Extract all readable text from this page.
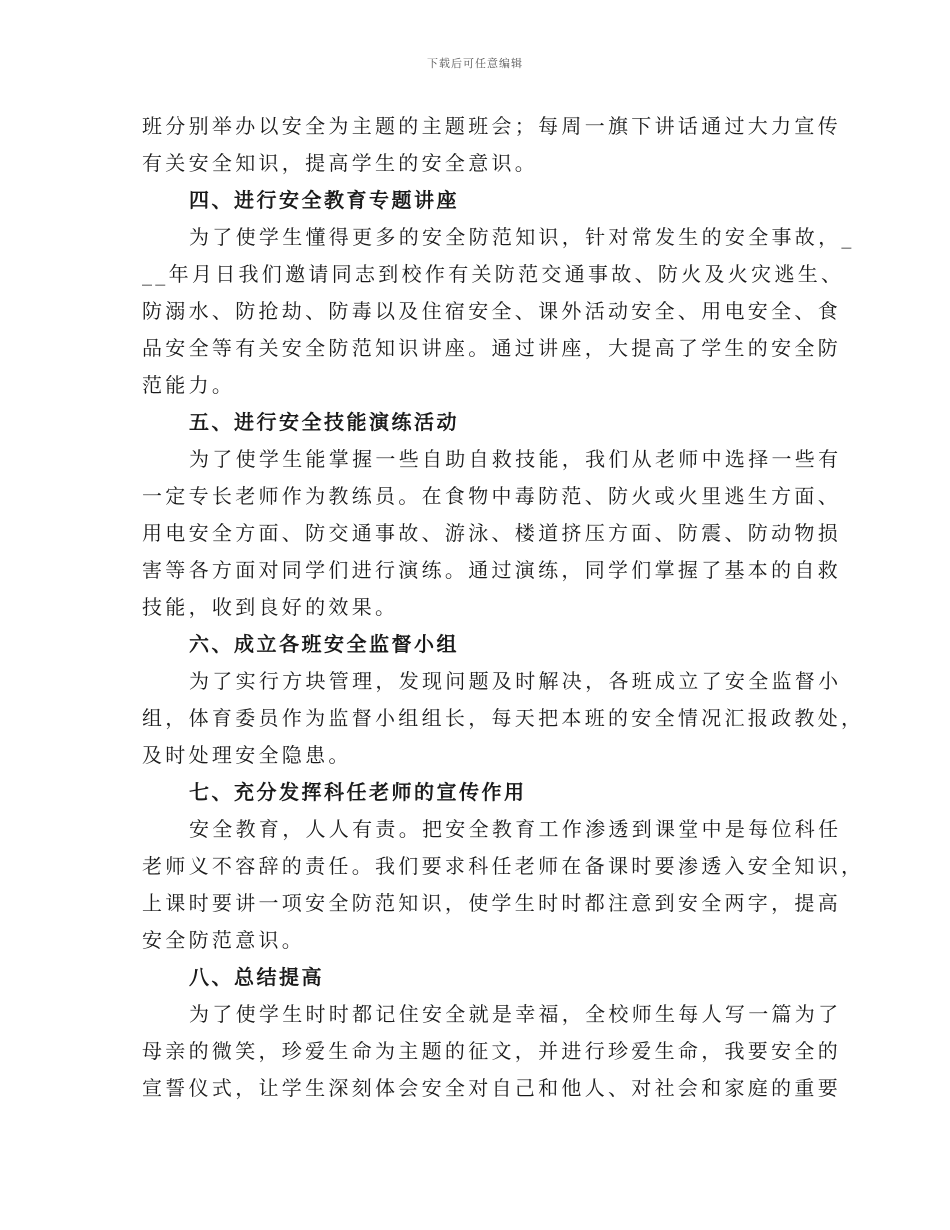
下载后可任意编辑
班分别举办以安全为主题的主题班会；每周一旗下讲话通过大力宣传
有关安全知识，提高学生的安全意识。
四、进行安全教育专题讲座
为了使学生懂得更多的安全防范知识，针对常发生的安全事故，_
__年月日我们邀请同志到校作有关防范交通事故、防火及火灾逃生、
防溺水、防抢劫、防毒以及住宿安全、课外活动安全、用电安全、食
品安全等有关安全防范知识讲座。通过讲座，大提高了学生的安全防
范能力。
五、进行安全技能演练活动
为了使学生能掌握一些自助自救技能，我们从老师中选择一些有
一定专长老师作为教练员。在食物中毒防范、防火或火里逃生方面、
用电安全方面、防交通事故、游泳、楼道挤压方面、防震、防动物损
害等各方面对同学们进行演练。通过演练，同学们掌握了基本的自救
技能，收到良好的效果。
六、成立各班安全监督小组
为了实行方块管理，发现问题及时解决，各班成立了安全监督小
组，体育委员作为监督小组组长，每天把本班的安全情况汇报政教处，
及时处理安全隐患。
七、充分发挥科任老师的宣传作用
安全教育，人人有责。把安全教育工作渗透到课堂中是每位科任
老师义不容辞的责任。我们要求科任老师在备课时要渗透入安全知识，
上课时要讲一项安全防范知识，使学生时时都注意到安全两字，提高
安全防范意识。
八、总结提高
为了使学生时时都记住安全就是幸福，全校师生每人写一篇为了
母亲的微笑，珍爱生命为主题的征文，并进行珍爱生命，我要安全的
宣誓仪式，让学生深刻体会安全对自己和他人、对社会和家庭的重要
